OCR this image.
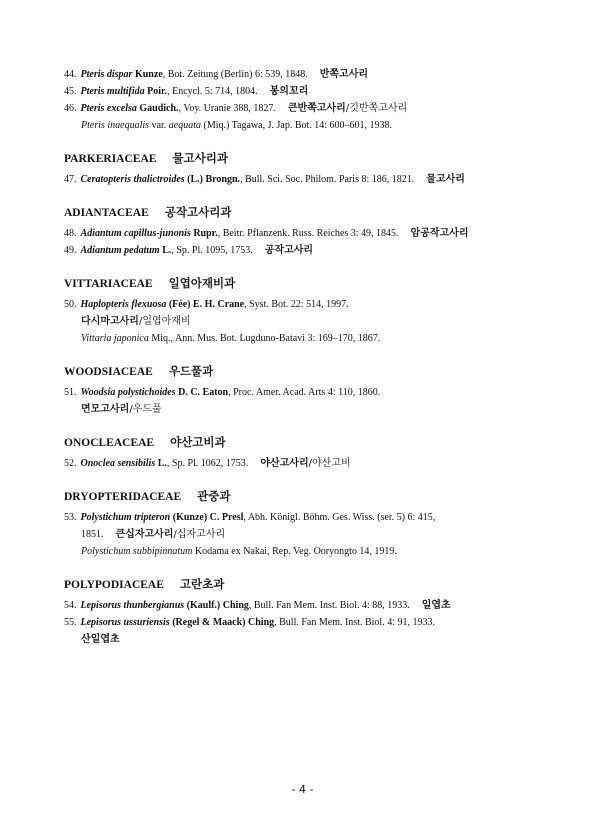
44. Pteris dispar Kunze, Bot. Zeitung (Berlin) 6: 539, 1848. 반쪽고사리
45. Pteris multifida Poir., Encycl. 5: 714, 1804. 봉의꼬리
46. Pteris excelsa Gaudich., Voy. Uranie 388, 1827. 큰반쪽고사리/깃반쪽고사리
Pteris inaequalis var. aequata (Miq.) Tagawa, J. Jap. Bot. 14: 600–601, 1938.
PARKERIACEAE 물고사리과
47. Ceratopteris thalictroides (L.) Brongn., Bull. Sci. Soc. Philom. Paris 8: 186, 1821. 물고사리
ADIANTACEAE 공작고사리과
48. Adiantum capillus-junonis Rupr., Beitr. Pflanzenk. Russ. Reiches 3: 49, 1845. 암공작고사리
49. Adiantum pedatum L., Sp. Pl. 1095, 1753. 공작고사리
VITTARIACEAE 일엽아재비과
50. Haplopteris flexuosa (Fée) E. H. Crane, Syst. Bot. 22: 514, 1997.
다시마고사리/일엽아재비
Vittaria japonica Miq., Ann. Mus. Bot. Lugduno-Batavi 3: 169–170, 1867.
WOODSIACEAE 우드풀과
51. Woodsia polystichoides D. C. Eaton, Proc. Amer. Acad. Arts 4: 110, 1860.
면모고사리/우드풀
ONOCLEACEAE 야산고비과
52. Onoclea sensibilis L., Sp. Pl. 1062, 1753. 야산고사리/야산고비
DRYOPTERIDACEAE 관중과
53. Polystichum tripteron (Kunze) C. Presl, Abh. Königl. Böhm. Ges. Wiss. (ser. 5) 6: 415,
1851. 큰십자고사리/십자고사리
Polystichum subbipinnatum Kodama ex Nakai, Rep. Veg. Ooryongto 14, 1919.
POLYPODIACEAE 고란초과
54. Lepisorus thunbergianus (Kaulf.) Ching, Bull. Fan Mem. Inst. Biol. 4: 88, 1933. 일엽초
55. Lepisorus ussuriensis (Regel & Maack) Ching, Bull. Fan Mem. Inst. Biol. 4: 91, 1933.
산일엽초
- 4 -
